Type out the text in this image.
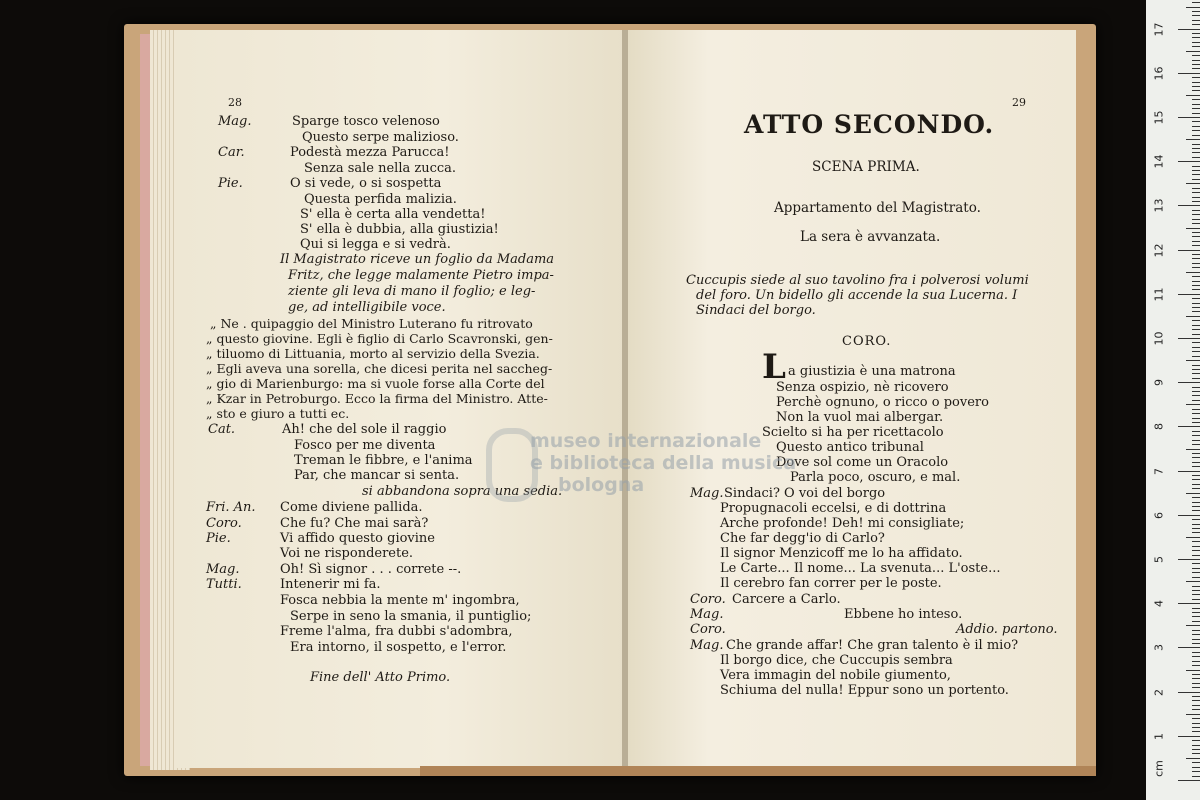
28
Mag.	Sparge tosco velenoso
Questo serpe malizioso.
Car.	Podestà mezza Parucca!
Senza sale nella zucca.
Pie.	O si vede, o si sospetta
Questa perfida malizia.
S' ella è certa alla vendetta!
S' ella è dubbia, alla giustizia!
Qui si legga e si vedrà.
Il Magistrato riceve un foglio da Madama
Fritz, che legge malamente Pietro impa-
ziente gli leva di mano il foglio; e leg-
ge, ad intelligibile voce.
„ Ne . quipaggio del Ministro Luterano fu ritrovato
„ questo giovine. Egli è figlio di Carlo Scavronski, gen-
„ tiluomo di Littuania, morto al servizio della Svezia.
„ Egli aveva una sorella, che dicesi perita nel saccheg-
„ gio di Marienburgo: ma si vuole forse alla Corte del
„ Kzar in Petroburgo. Ecco la firma del Ministro. Atte-
„ sto e giuro a tutti ec.
Cat.	Ah! che del sole il raggio
Fosco per me diventa
Treman le fibbre, e l'anima
Par, che mancar si senta.
si abbandona sopra una sedia.
Fri. An. Come diviene pallida.
Coro.	Che fu? Che mai sarà?
Pie.	Vi affido questo giovine
Voi ne risponderete.
Mag.	Oh! Sì signor . . . correte --.
Tutti.	Intenerir mi fa.
Fosca nebbia la mente m' ingombra,
Serpe in seno la smania, il puntiglio;
Freme l'alma, fra dubbi s'adombra,
Era intorno, il sospetto, e l'error.
Fine dell' Atto Primo.
29
ATTO SECONDO.
SCENA PRIMA.
Appartamento del Magistrato.
La sera è avvanzata.
Cuccupis siede al suo tavolino fra i polverosi volumi
del foro. Un bidello gli accende la sua Lucerna. I
Sindaci del borgo.
CORO.
L a giustizia è una matrona
Senza ospizio, nè ricovero
Perchè ognuno, o ricco o povero
Non la vuol mai albergar.
Scielto si ha per ricettacolo
Questo antico tribunal
Dove sol come un Oracolo
Parla poco, oscuro, e mal.
Mag. Sindaci? O voi del borgo
Propugnacoli eccelsi, e di dottrina
Arche profonde! Deh! mi consigliate;
Che far degg'io di Carlo?
Il signor Menzicoff me lo ha affidato.
Le Carte... Il nome... La svenuta... L'oste...
Il cerebro fan correr per le poste.
Coro. Carcere a Carlo.
Mag.	Ebbene ho inteso.
Coro.	Addio. partono.
Mag. Che grande affar! Che gran talento è il mio?
Il borgo dice, che Cuccupis sembra
Vera immagin del nobile giumento,
Schiuma del nulla! Eppur sono un portento.
museo internazionale
e biblioteca della musica
bologna
cm
1
2
3
4
5
6
7
8
9
10
11
12
13
14
15
16
17
